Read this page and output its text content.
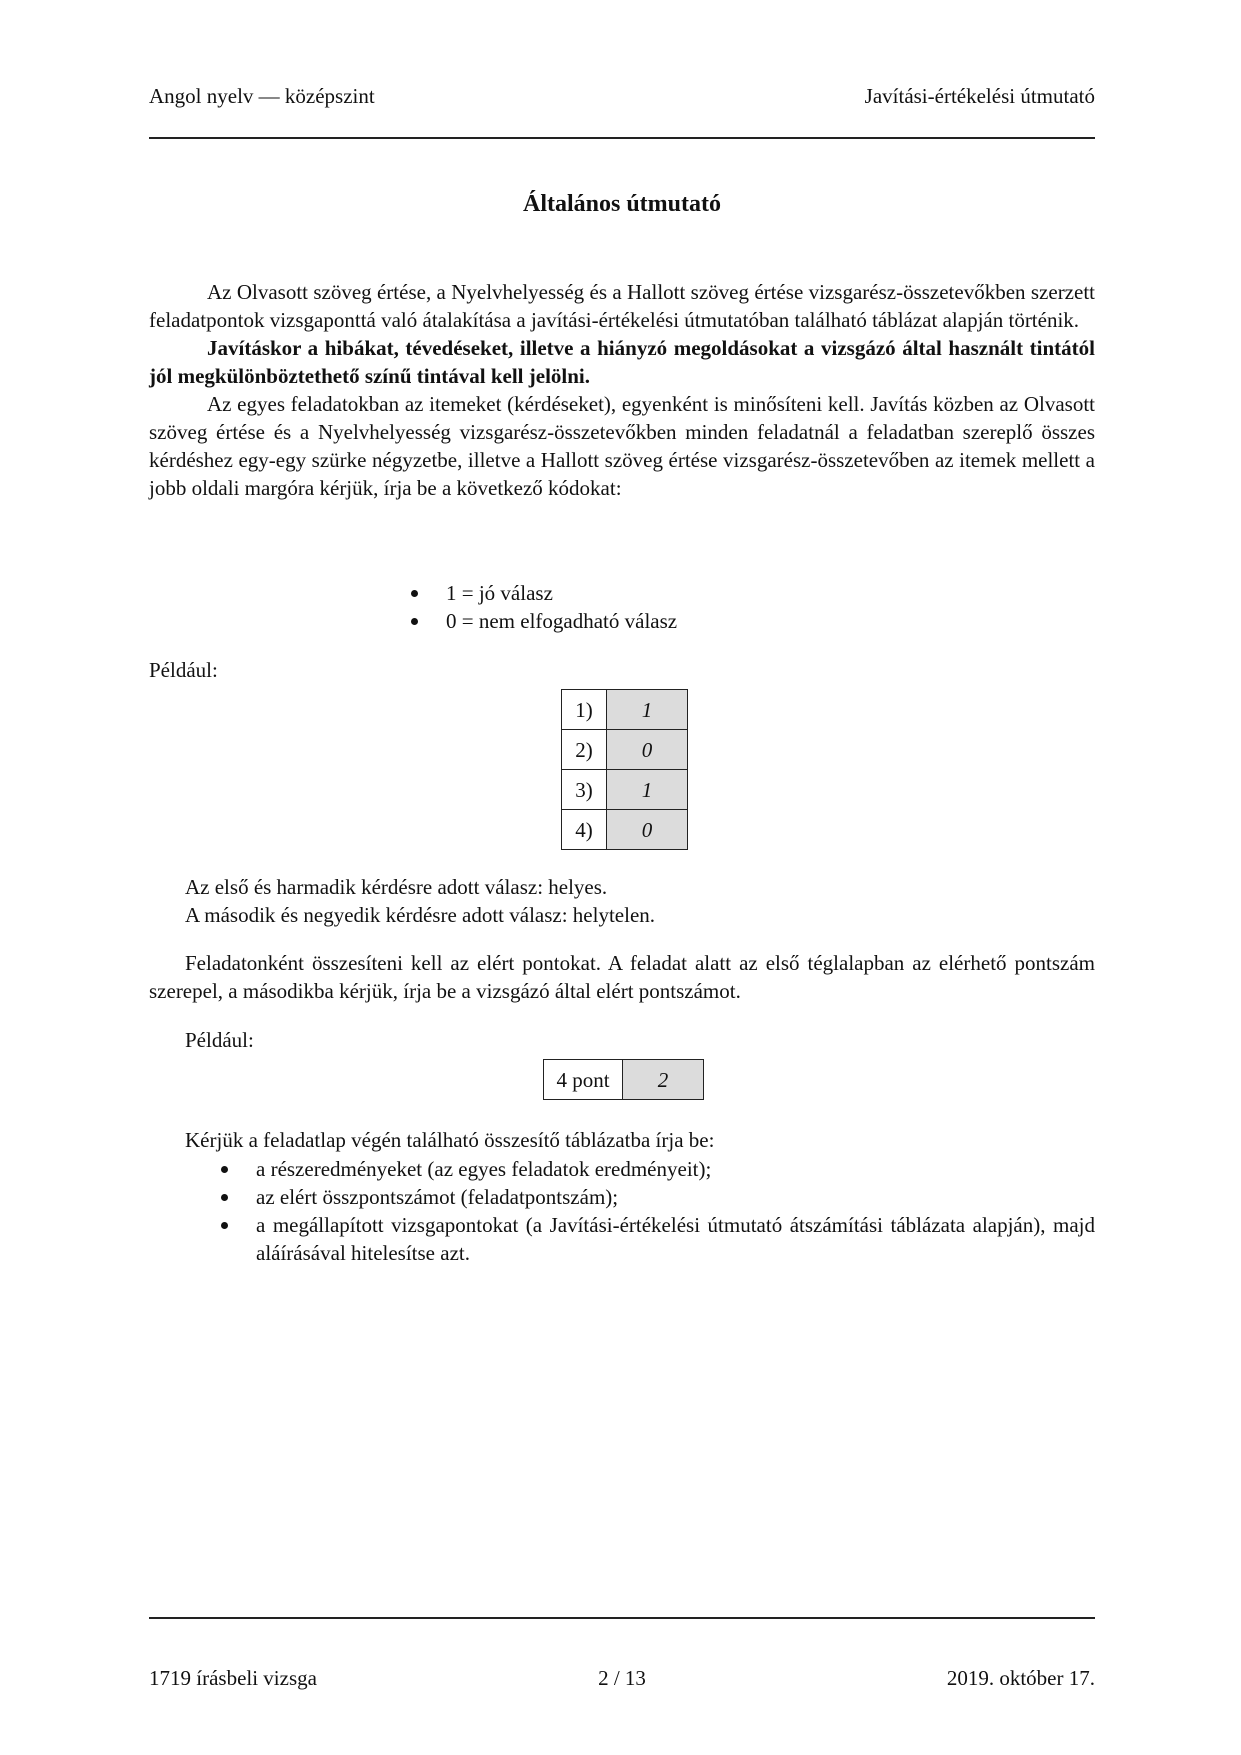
Angol nyelv — középszint	Javítási-értékelési útmutató
Általános útmutató

Az Olvasott szöveg értése, a Nyelvhelyesség és a Hallott szöveg értése vizsgarész-összetevőkben szerzett feladatpontok vizsgaponttá való átalakítása a javítási-értékelési útmutatóban található táblázat alapján történik.

Javításkor a hibákat, tévedéseket, illetve a hiányzó megoldásokat a vizsgázó által használt tintától jól megkülönböztethető színű tintával kell jelölni.

Az egyes feladatokban az itemeket (kérdéseket), egyenként is minősíteni kell. Javítás közben az Olvasott szöveg értése és a Nyelvhelyesség vizsgarész-összetevőkben minden feladatnál a feladatban szereplő összes kérdéshez egy-egy szürke négyzetbe, illetve a Hallott szöveg értése vizsgarész-összetevőben az itemek mellett a jobb oldali margóra kérjük, írja be a következő kódokat:

1 = jó válasz
0 = nem elfogadható válasz
Például:
1)	1
2)	0
3)	1
4)	0
Az első és harmadik kérdésre adott válasz: helyes.
A második és negyedik kérdésre adott válasz: helytelen.

Feladatonként összesíteni kell az elért pontokat. A feladat alatt az első téglalapban az elérhető pontszám szerepel, a másodikba kérjük, írja be a vizsgázó által elért pontszámot.

Például:
4 pont	2
Kérjük a feladatlap végén található összesítő táblázatba írja be:
a részeredményeket (az egyes feladatok eredményeit);
az elért összpontszámot (feladatpontszám);
a megállapított vizsgapontokat (a Javítási-értékelési útmutató átszámítási táblázata alapján), majd aláírásával hitelesítse azt.
1719 írásbeli vizsga	2 / 13	2019. október 17.
